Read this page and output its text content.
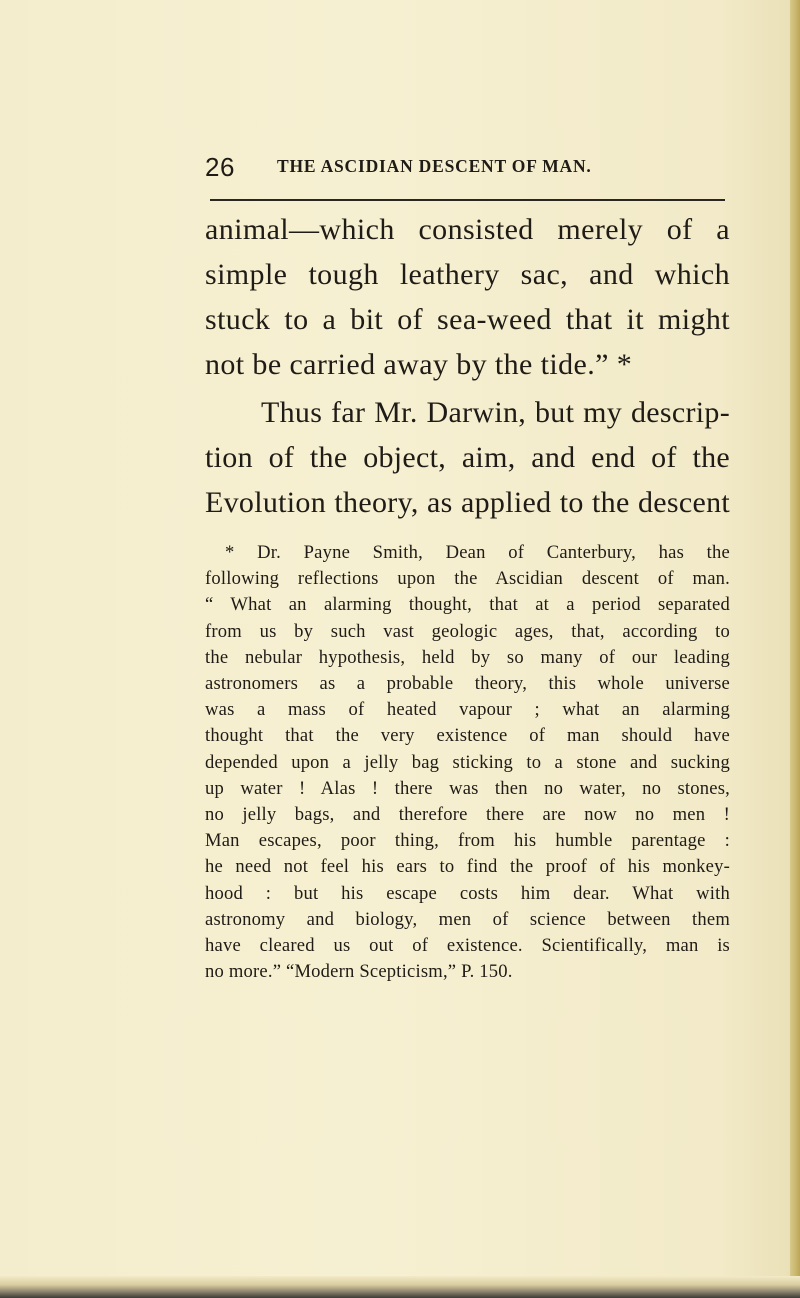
26 THE ASCIDIAN DESCENT OF MAN.
animal—which consisted merely of a
simple tough leathery sac, and which
stuck to a bit of sea-weed that it might
not be carried away by the tide.” *
Thus far Mr. Darwin, but my descrip-
tion of the object, aim, and end of the
Evolution theory, as applied to the descent
* Dr. Payne Smith, Dean of Canterbury, has the
following reflections upon the Ascidian descent of man.
“ What an alarming thought, that at a period separated
from us by such vast geologic ages, that, according to
the nebular hypothesis, held by so many of our leading
astronomers as a probable theory, this whole universe
was a mass of heated vapour ; what an alarming
thought that the very existence of man should have
depended upon a jelly bag sticking to a stone and sucking
up water ! Alas ! there was then no water, no stones,
no jelly bags, and therefore there are now no men !
Man escapes, poor thing, from his humble parentage :
he need not feel his ears to find the proof of his monkey-
hood : but his escape costs him dear. What with
astronomy and biology, men of science between them
have cleared us out of existence. Scientifically, man is
no more.” “Modern Scepticism,” P. 150.
